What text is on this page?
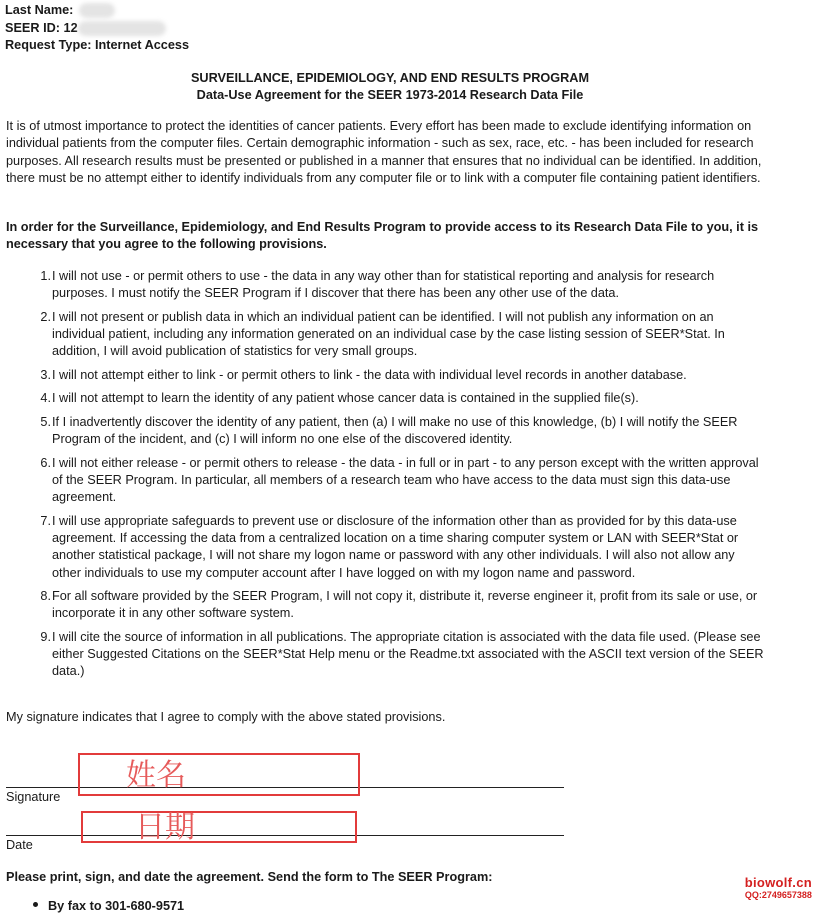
Last Name:
SEER ID: 12
Request Type: Internet Access
SURVEILLANCE, EPIDEMIOLOGY, AND END RESULTS PROGRAM
Data-Use Agreement for the SEER 1973-2014 Research Data File
It is of utmost importance to protect the identities of cancer patients. Every effort has been made to exclude identifying information on individual patients from the computer files. Certain demographic information - such as sex, race, etc. - has been included for research purposes. All research results must be presented or published in a manner that ensures that no individual can be identified. In addition, there must be no attempt either to identify individuals from any computer file or to link with a computer file containing patient identifiers.
In order for the Surveillance, Epidemiology, and End Results Program to provide access to its Research Data File to you, it is necessary that you agree to the following provisions.
1. I will not use - or permit others to use - the data in any way other than for statistical reporting and analysis for research purposes. I must notify the SEER Program if I discover that there has been any other use of the data.
2. I will not present or publish data in which an individual patient can be identified. I will not publish any information on an individual patient, including any information generated on an individual case by the case listing session of SEER*Stat. In addition, I will avoid publication of statistics for very small groups.
3. I will not attempt either to link - or permit others to link - the data with individual level records in another database.
4. I will not attempt to learn the identity of any patient whose cancer data is contained in the supplied file(s).
5. If I inadvertently discover the identity of any patient, then (a) I will make no use of this knowledge, (b) I will notify the SEER Program of the incident, and (c) I will inform no one else of the discovered identity.
6. I will not either release - or permit others to release - the data - in full or in part - to any person except with the written approval of the SEER Program. In particular, all members of a research team who have access to the data must sign this data-use agreement.
7. I will use appropriate safeguards to prevent use or disclosure of the information other than as provided for by this data-use agreement. If accessing the data from a centralized location on a time sharing computer system or LAN with SEER*Stat or another statistical package, I will not share my logon name or password with any other individuals. I will also not allow any other individuals to use my computer account after I have logged on with my logon name and password.
8. For all software provided by the SEER Program, I will not copy it, distribute it, reverse engineer it, profit from its sale or use, or incorporate it in any other software system.
9. I will cite the source of information in all publications. The appropriate citation is associated with the data file used. (Please see either Suggested Citations on the SEER*Stat Help menu or the Readme.txt associated with the ASCII text version of the SEER data.)
My signature indicates that I agree to comply with the above stated provisions.
Signature
姓名
Date	日期
Please print, sign, and date the agreement. Send the form to The SEER Program:
By fax to 301-680-9571
biowolf.cn
QQ:2749657388
